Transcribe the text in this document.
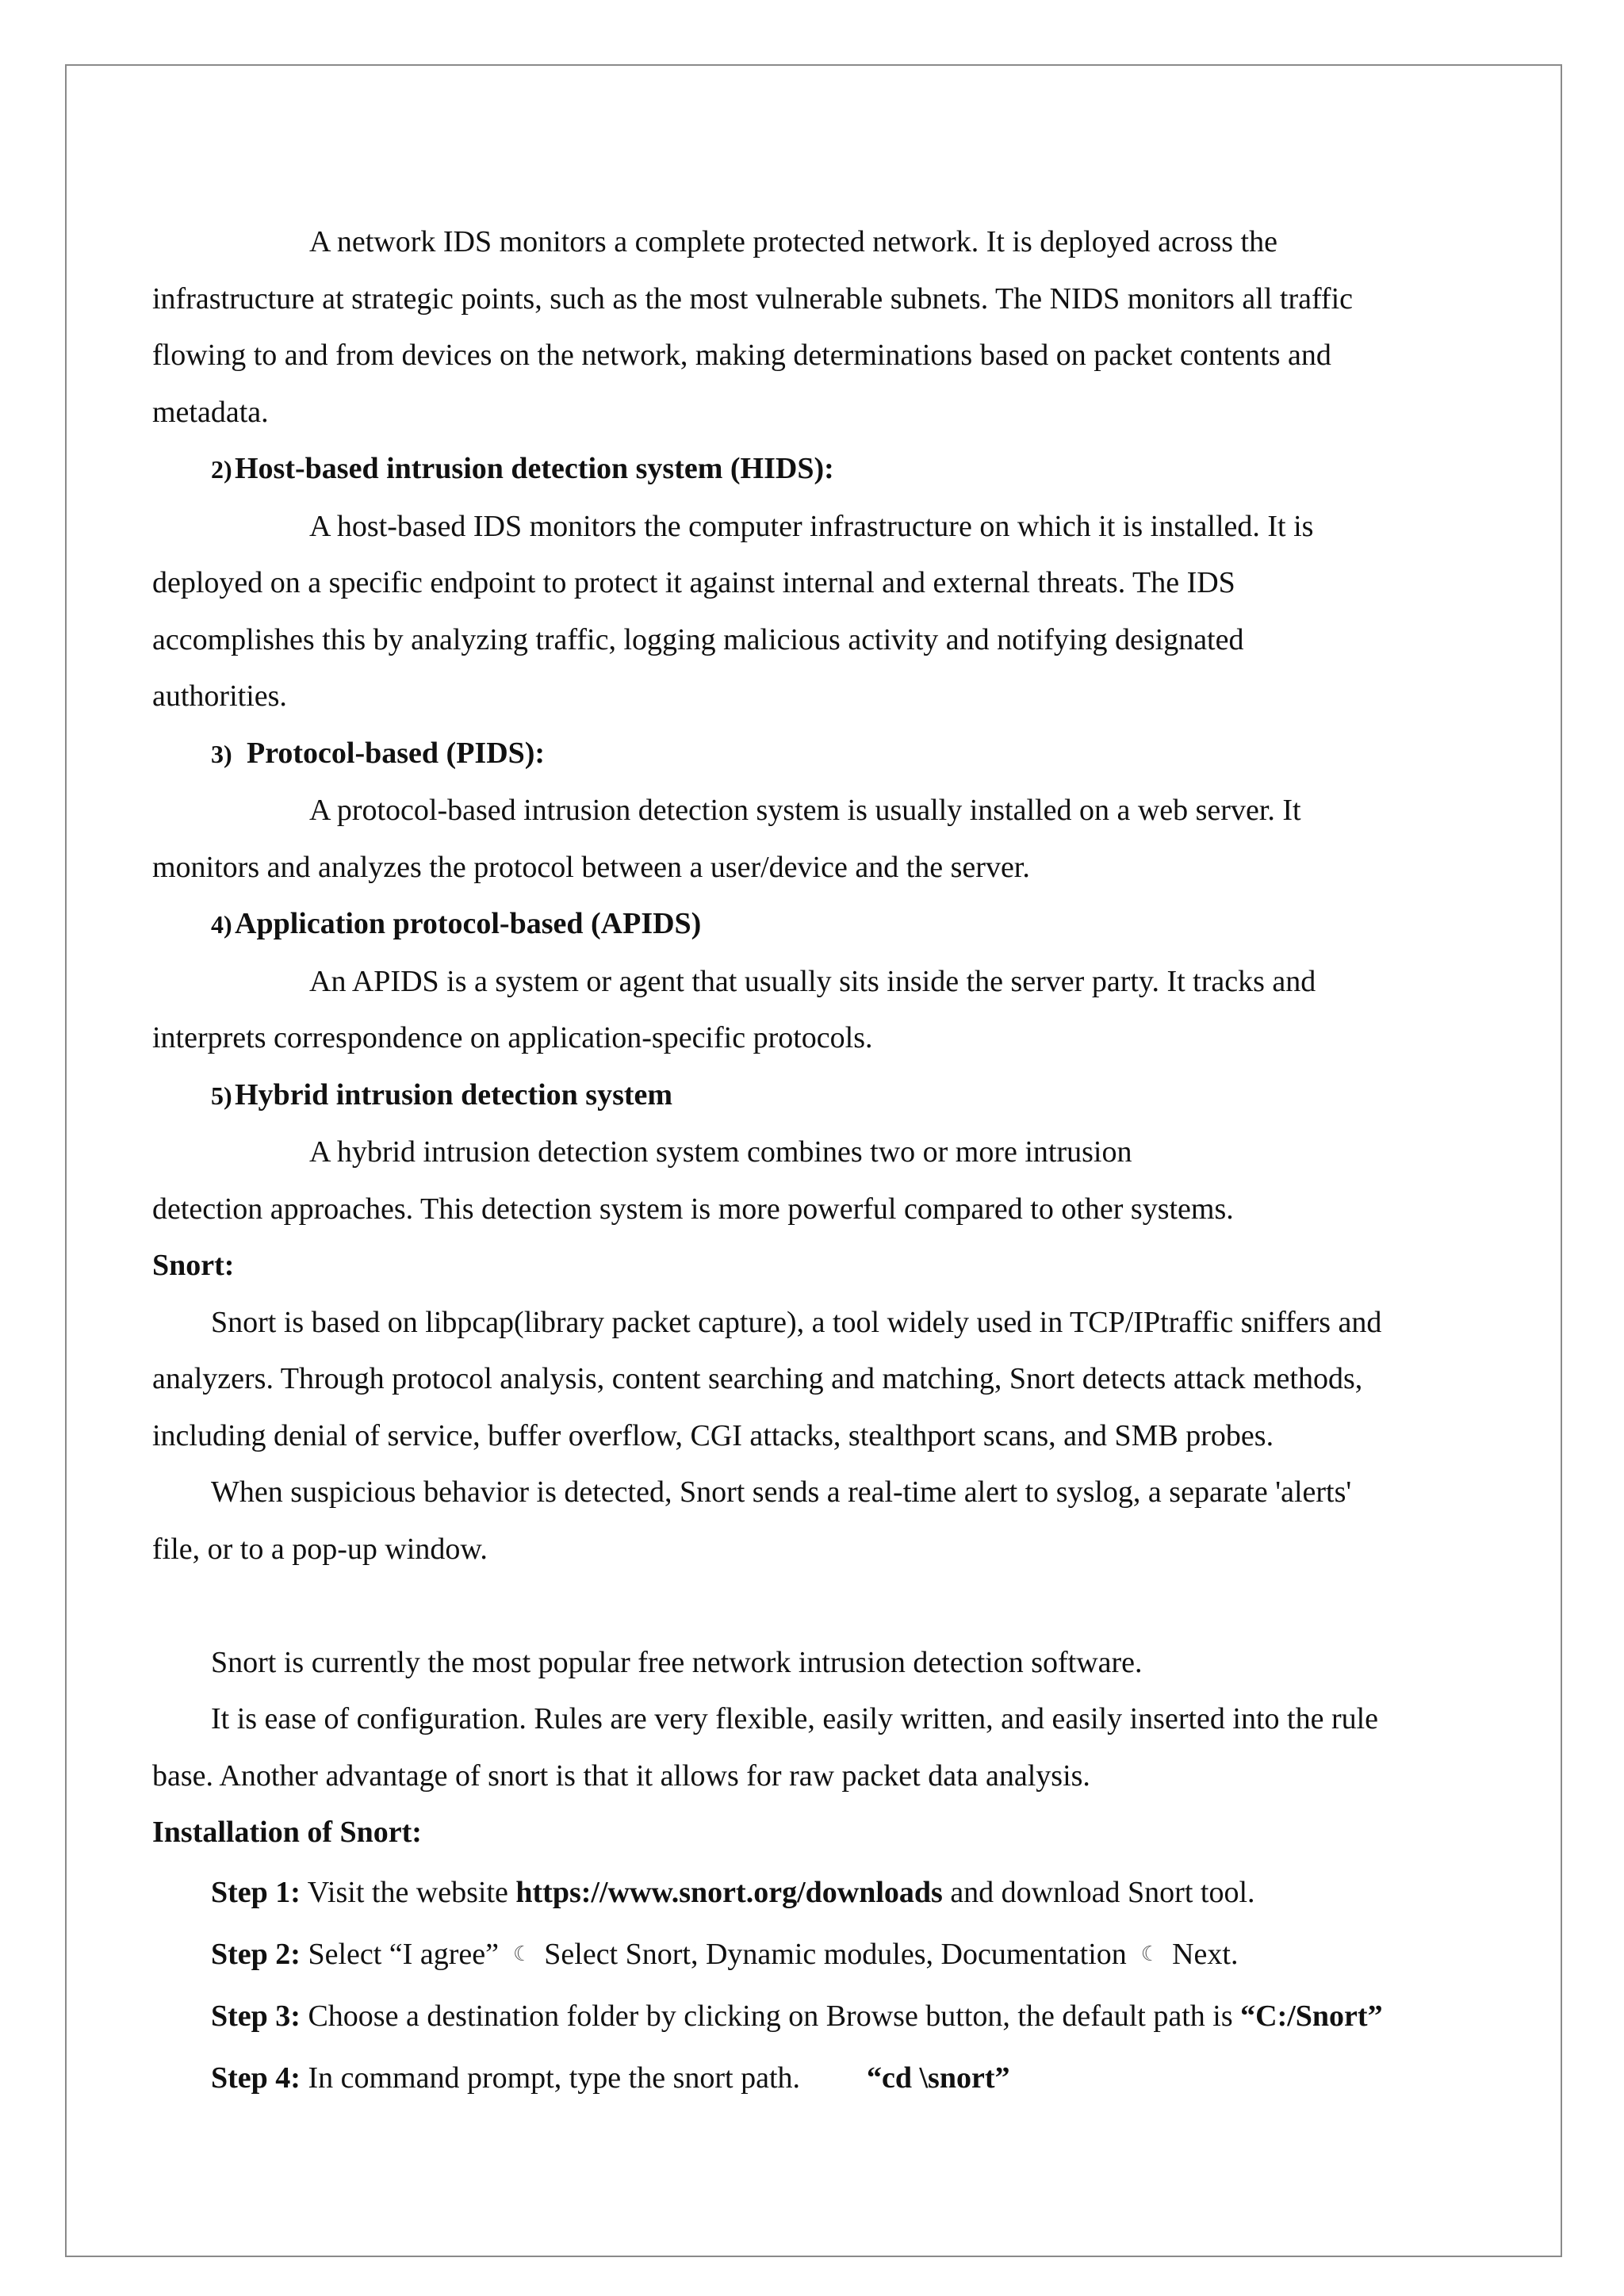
A network IDS monitors a complete protected network. It is deployed across the

infrastructure at strategic points, such as the most vulnerable subnets. The NIDS monitors all traffic

flowing to and from devices on the network, making determinations based on packet contents and

metadata.

2)Host-based intrusion detection system (HIDS):

A host-based IDS monitors the computer infrastructure on which it is installed. It is

deployed on a specific endpoint to protect it against internal and external threats. The IDS

accomplishes this by analyzing traffic, logging malicious activity and notifying designated

authorities.

3) Protocol-based (PIDS):

A protocol-based intrusion detection system is usually installed on a web server. It

monitors and analyzes the protocol between a user/device and the server.

4)Application protocol-based (APIDS)

An APIDS is a system or agent that usually sits inside the server party. It tracks and

interprets correspondence on application-specific protocols.

5)Hybrid intrusion detection system

A hybrid intrusion detection system combines two or more intrusion

detection approaches. This detection system is more powerful compared to other systems.

Snort:

Snort is based on libpcap(library packet capture), a tool widely used in TCP/IPtraffic sniffers and

analyzers. Through protocol analysis, content searching and matching, Snort detects attack methods,

including denial of service, buffer overflow, CGI attacks, stealthport scans, and SMB probes.

When suspicious behavior is detected, Snort sends a real-time alert to syslog, a separate 'alerts'

file, or to a pop-up window.

Snort is currently the most popular free network intrusion detection software.

It is ease of configuration. Rules are very flexible, easily written, and easily inserted into the rule

base. Another advantage of snort is that it allows for raw packet data analysis.

Installation of Snort:

Step 1: Visit the website https://www.snort.org/downloads and download Snort tool.

Step 2: Select “I agree” ☾ Select Snort, Dynamic modules, Documentation ☾ Next.

Step 3: Choose a destination folder by clicking on Browse button, the default path is “C:/Snort”

Step 4: In command prompt, type the snort path. “cd \snort”
